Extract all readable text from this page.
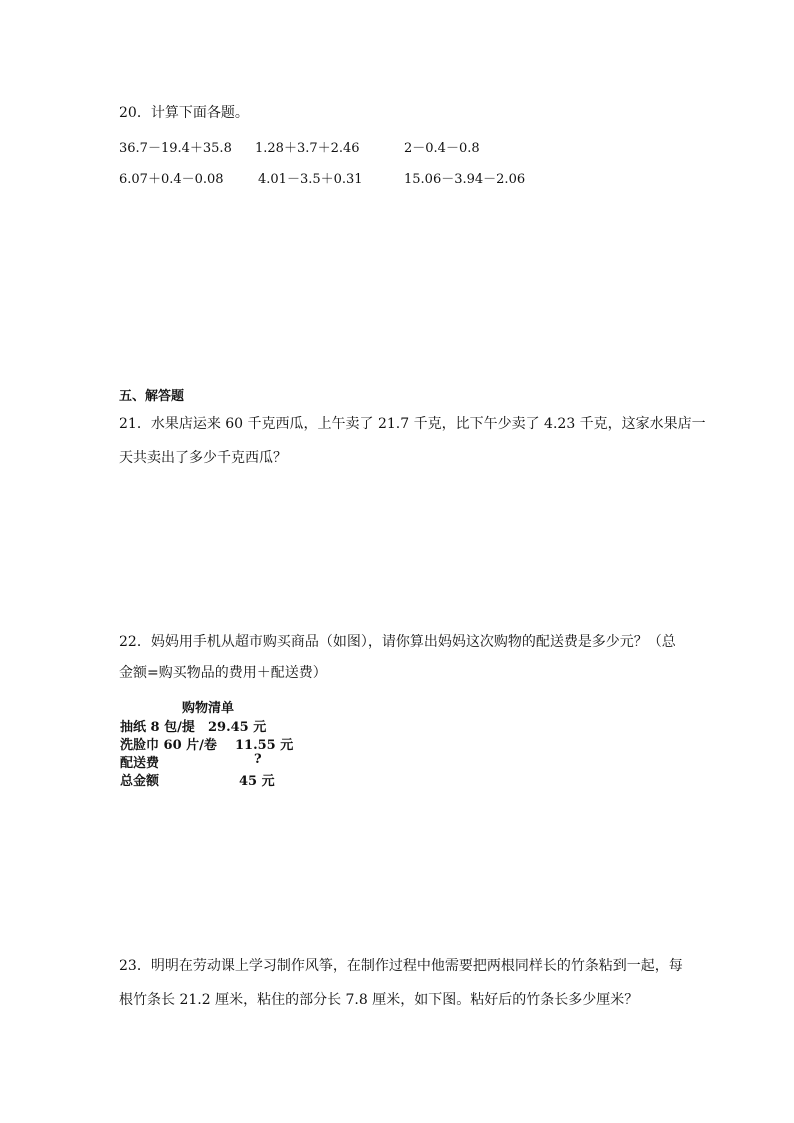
20．计算下面各题。
36.7－19.4＋35.8 1.28＋3.7＋2.46	2－0.4－0.8
6.07＋0.4－0.08	4.01－3.5＋0.31	15.06－3.94－2.06
五、解答题
21．水果店运来 60 千克西瓜，上午卖了 21.7 千克，比下午少卖了 4.23 千克，这家水果店一
天共卖出了多少千克西瓜？
22．妈妈用手机从超市购买商品（如图），请你算出妈妈这次购物的配送费是多少元？（总
金额=购买物品的费用＋配送费）
购物清单
抽纸 8 包/提 29.45 元
洗脸巾 60 片/卷 11.55 元
配送费	?
总金额	45 元
23．明明在劳动课上学习制作风筝，在制作过程中他需要把两根同样长的竹条粘到一起，每
根竹条长 21.2 厘米，粘住的部分长 7.8 厘米，如下图。粘好后的竹条长多少厘米？
